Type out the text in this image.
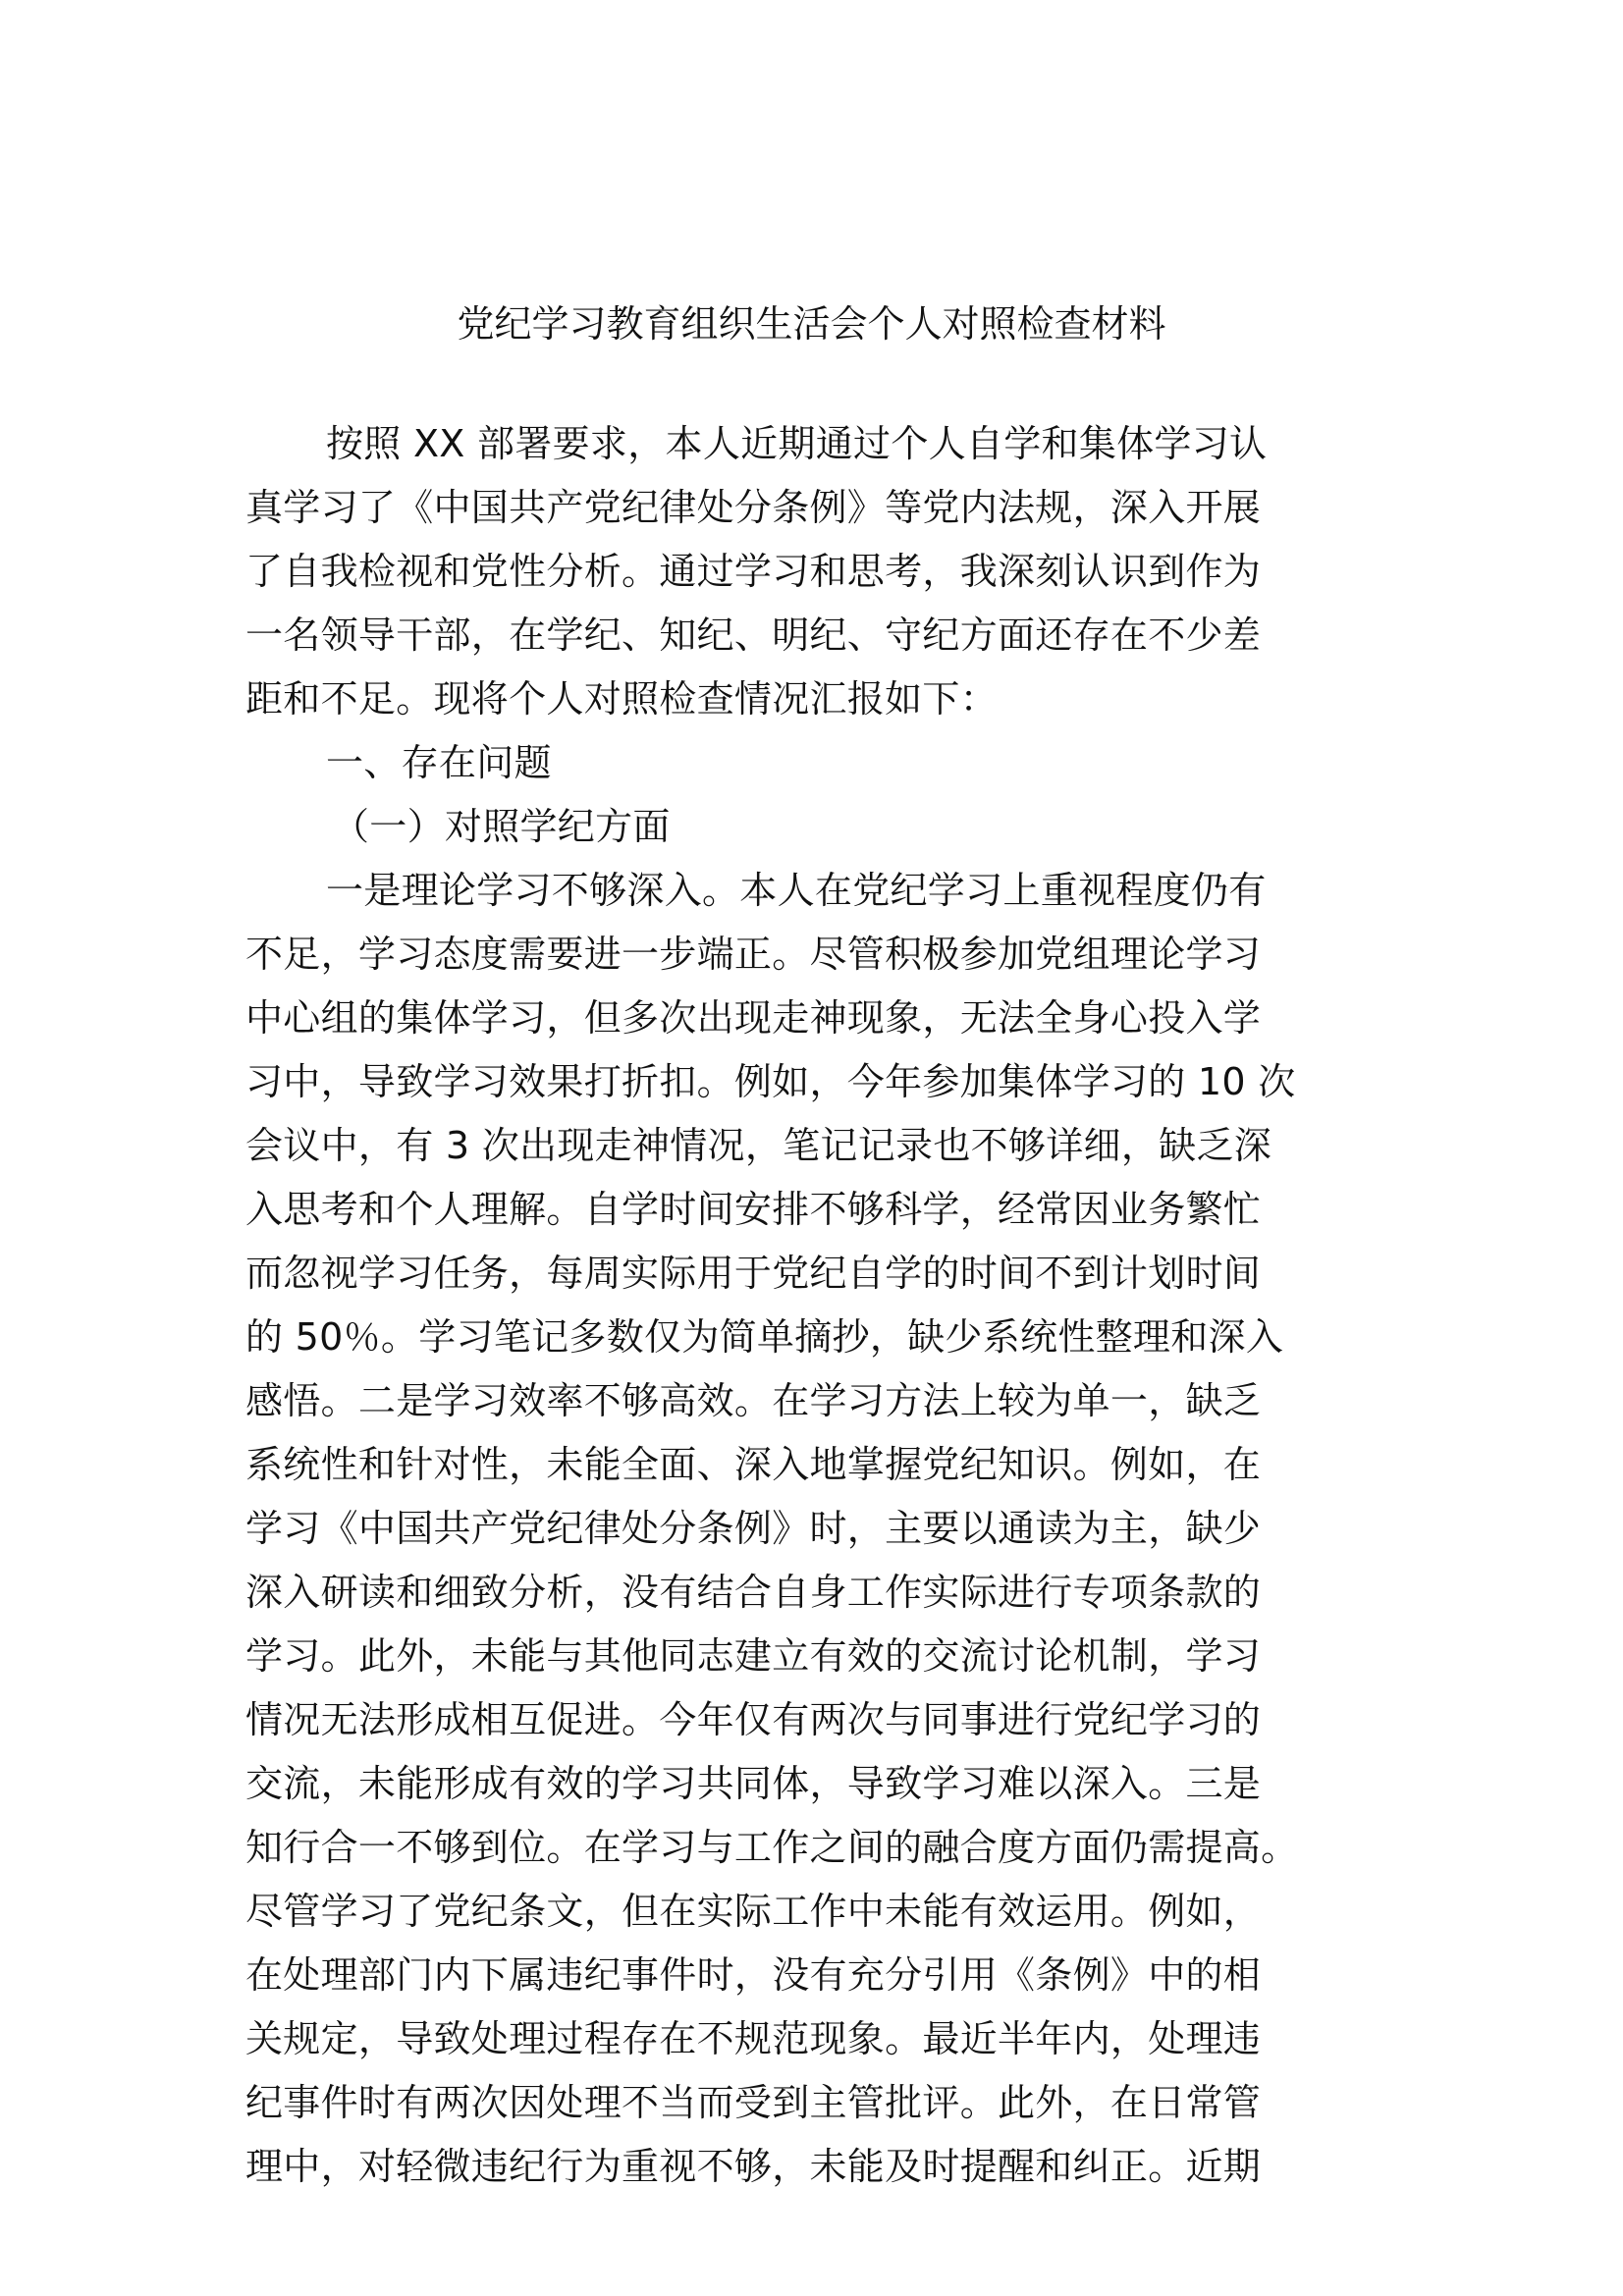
党纪学习教育组织生活会个人对照检查材料
按照 XX 部署要求，本人近期通过个人自学和集体学习认
真学习了《中国共产党纪律处分条例》等党内法规，深入开展
了自我检视和党性分析。通过学习和思考，我深刻认识到作为
一名领导干部，在学纪、知纪、明纪、守纪方面还存在不少差
距和不足。现将个人对照检查情况汇报如下：
一、存在问题
（一）对照学纪方面
一是理论学习不够深入。本人在党纪学习上重视程度仍有
不足，学习态度需要进一步端正。尽管积极参加党组理论学习
中心组的集体学习，但多次出现走神现象，无法全身心投入学
习中，导致学习效果打折扣。例如，今年参加集体学习的 10 次
会议中，有 3 次出现走神情况，笔记记录也不够详细，缺乏深
入思考和个人理解。自学时间安排不够科学，经常因业务繁忙
而忽视学习任务，每周实际用于党纪自学的时间不到计划时间
的 50％。学习笔记多数仅为简单摘抄，缺少系统性整理和深入
感悟。二是学习效率不够高效。在学习方法上较为单一，缺乏
系统性和针对性，未能全面、深入地掌握党纪知识。例如，在
学习《中国共产党纪律处分条例》时，主要以通读为主，缺少
深入研读和细致分析，没有结合自身工作实际进行专项条款的
学习。此外，未能与其他同志建立有效的交流讨论机制，学习
情况无法形成相互促进。今年仅有两次与同事进行党纪学习的
交流，未能形成有效的学习共同体，导致学习难以深入。三是
知行合一不够到位。在学习与工作之间的融合度方面仍需提高。
尽管学习了党纪条文，但在实际工作中未能有效运用。例如，
在处理部门内下属违纪事件时，没有充分引用《条例》中的相
关规定，导致处理过程存在不规范现象。最近半年内，处理违
纪事件时有两次因处理不当而受到主管批评。此外，在日常管
理中，对轻微违纪行为重视不够，未能及时提醒和纠正。近期
